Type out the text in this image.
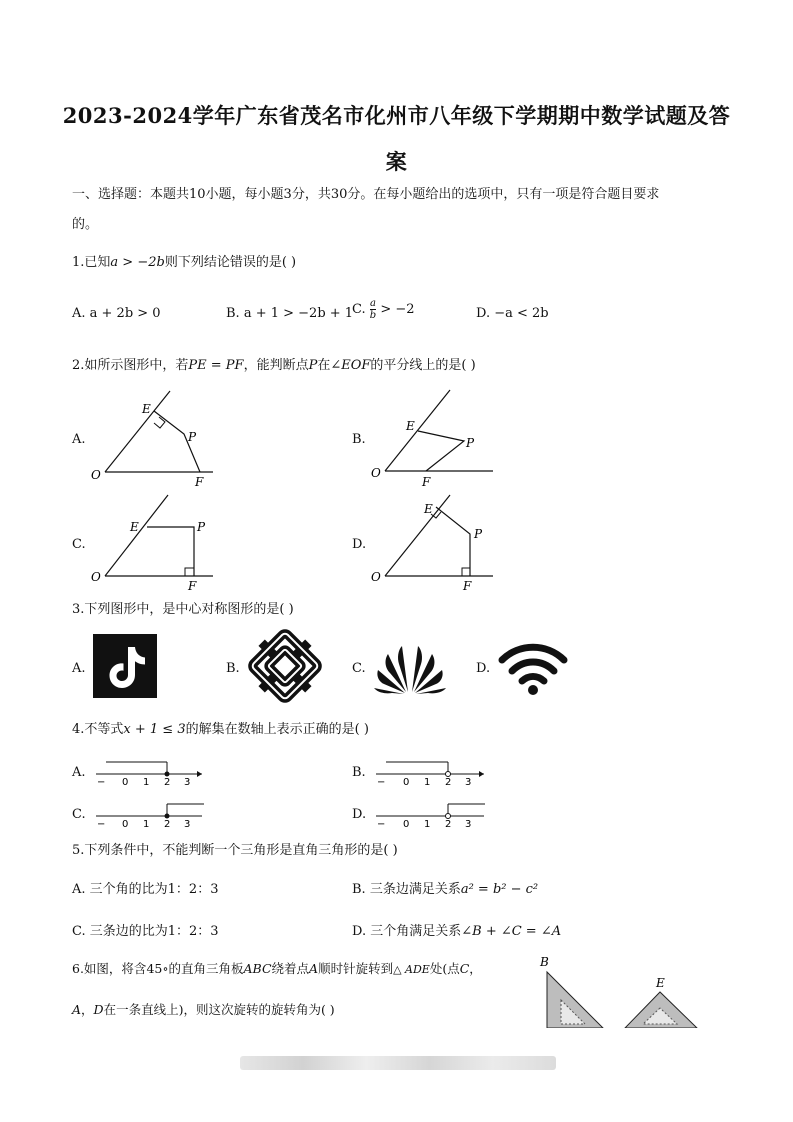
2023-2024学年广东省茂名市化州市八年级下学期期中数学试题及答
案
一、选择题：本题共10小题，每小题3分，共30分。在每小题给出的选项中，只有一项是符合题目要求
的。
1.已知a > −2b则下列结论错误的是( )
A. a + 2b > 0	B. a + 1 > −2b + 1
C. $\frac{a}{b} > -2$	D. −a < 2b
2.如所示图形中，若PE = PF，能判断点P在∠EOF的平分线上的是( )
A.
O
E
P
F
B.
O
E
P
F
C.
O
E	P
F
D.
O
E
P
F
3.下列图形中，是中心对称图形的是( )
A.	B.	C.	D.
4.不等式x + 1 ≤ 3的解集在数轴上表示正确的是( )
A.
− 0 1 2 3
B.
− 0 1 2 3
C.
− 0 1 2 3
D.
− 0 1 2 3
5.下列条件中，不能判断一个三角形是直角三角形的是( )
A. 三个角的比为1：2：3	B. 三条边满足关系a² = b² − c²
C. 三条边的比为1：2：3	D. 三个角满足关系∠B + ∠C = ∠A
6.如图，将含45∘的直角三角板ABC绕着点A顺时针旋转到△ ADE处(点C，
A，D在一条直线上)，则这次旋转的旋转角为( )
B
E
